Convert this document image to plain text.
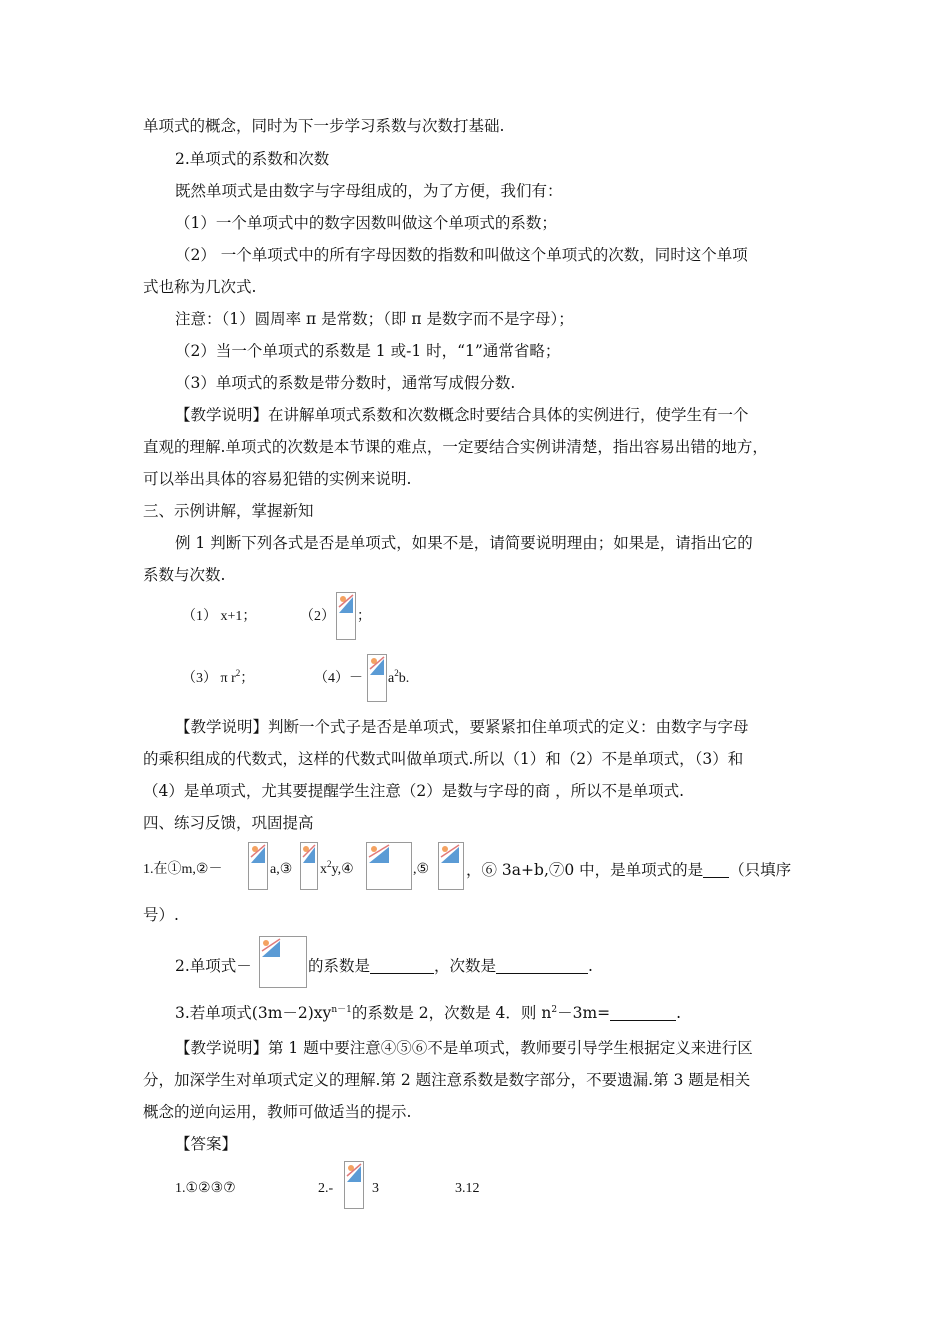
单项式的概念，同时为下一步学习系数与次数打基础.
2.单项式的系数和次数
既然单项式是由数字与字母组成的，为了方便，我们有：
（1）一个单项式中的数字因数叫做这个单项式的系数；
（2） 一个单项式中的所有字母因数的指数和叫做这个单项式的次数，同时这个单项
式也称为几次式.
注意：（1）圆周率 π 是常数；（即 π 是数字而不是字母）；
（2）当一个单项式的系数是 1 或-1 时，“1”通常省略；
（3）单项式的系数是带分数时，通常写成假分数.
【教学说明】在讲解单项式系数和次数概念时要结合具体的实例进行，使学生有一个
直观的理解.单项式的次数是本节课的难点，一定要结合实例讲清楚，指出容易出错的地方，
可以举出具体的容易犯错的实例来说明.
三、示例讲解，掌握新知
例 1 判断下列各式是否是单项式，如果不是，请简要说明理由；如果是，请指出它的
系数与次数.
（1） x+1；	（2） ；
（3） π $r^2$；	$(4)- a^2b$.
【教学说明】判断一个式子是否是单项式，要紧紧扣住单项式的定义：由数字与字母
的乘积组成的代数式，这样的代数式叫做单项式.所以（1）和（2）不是单项式，（3）和
（4）是单项式，尤其要提醒学生注意（2）是数与字母的商 ，所以不是单项式.
四、练习反馈，巩固提高
1.在①m,②－	a,③ $x^2y,④$	,⑤ ，⑥ 3a+b,⑦0 中，是单项式的是 （只填序
号）.
2.单项式－	的系数是	，次数是	.
3.若单项式$(3m-2)xy^{n-1}$的系数是 2，次数是 4．则 $n^2-3m=$	.
【教学说明】第 1 题中要注意④⑤⑥不是单项式，教师要引导学生根据定义来进行区
分，加深学生对单项式定义的理解.第 2 题注意系数是数字部分，不要遗漏.第 3 题是相关
概念的逆向运用，教师可做适当的提示.
【答案】
1.①②③⑦	2.-	3	3.12
